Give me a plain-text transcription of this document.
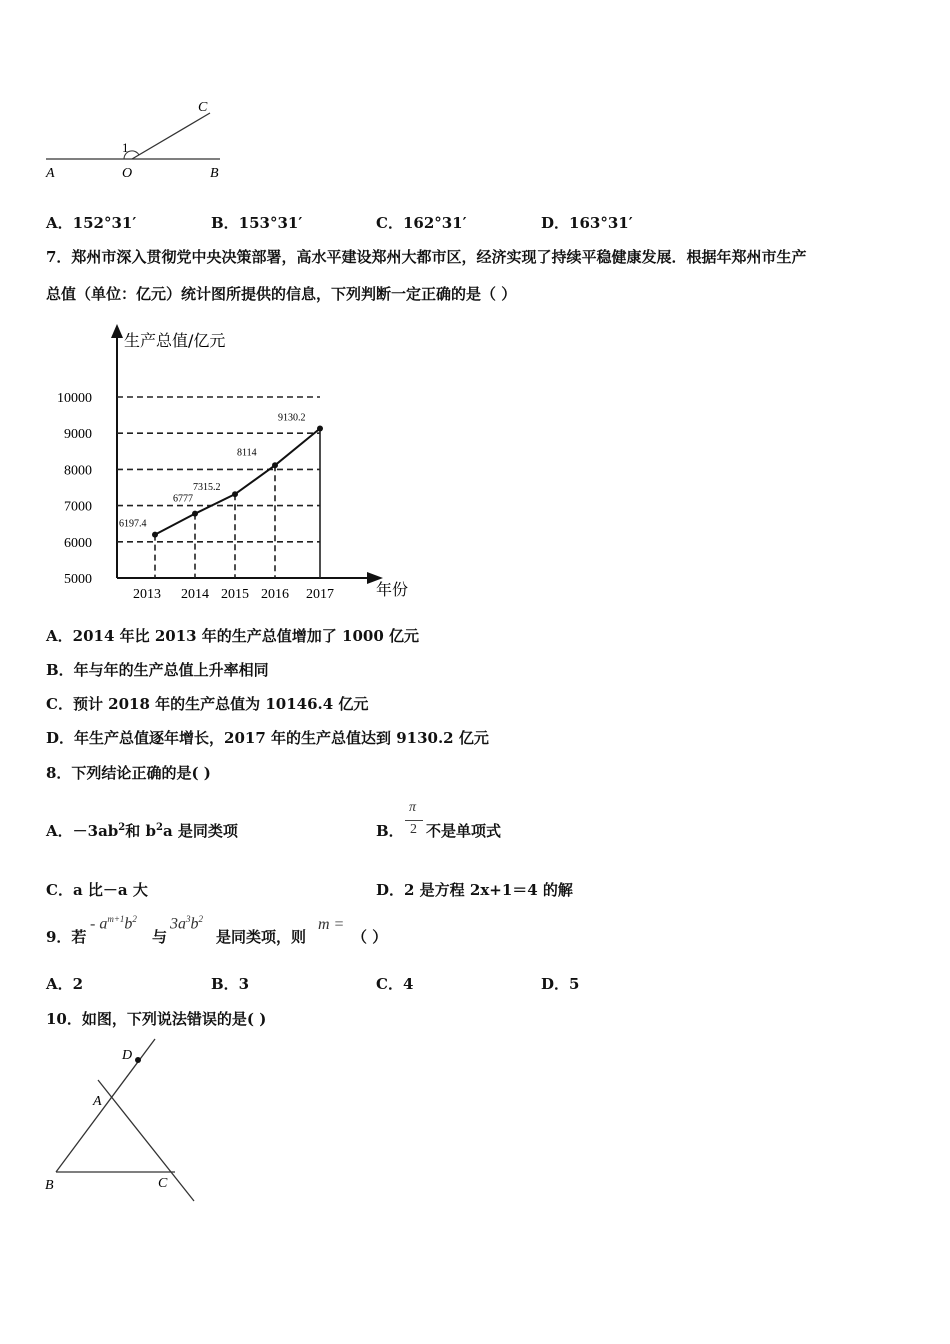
C
1
A	O	B
A．152°31′	B．153°31′	C．162°31′	D．163°31′
7．郑州市深入贯彻党中央决策部署，高水平建设郑州大都市区，经济实现了持续平稳健康发展．根据年郑州市生产
总值（单位：亿元）统计图所提供的信息，下列判断一定正确的是（ ）
生产总值/亿元
年份
5000
6000
7000
8000
9000
10000
6197.4
6777
7315.2
8114
9130.2
2013 2014 2015 2016 2017
A．2014 年比 2013 年的生产总值增加了 1000 亿元
B．年与年的生产总值上升率相同
C．预计 2018 年的生产总值为 10146.4 亿元
D．年生产总值逐年增长，2017 年的生产总值达到 9130.2 亿元
8．下列结论正确的是( )
A．$-3ab^2$和 $b^2a$ 是同类项	B．
π
2 不是单项式
C．a 比－a 大	D．2 是方程 2x+1＝4 的解
9．若
- $a^{m+1}b^2$
与
$3a^3b^2$
是同类项，则
m =
（ ）
A．2	B．3	C．4	D．5
10．如图，下列说法错误的是( )
D
A
B	C
